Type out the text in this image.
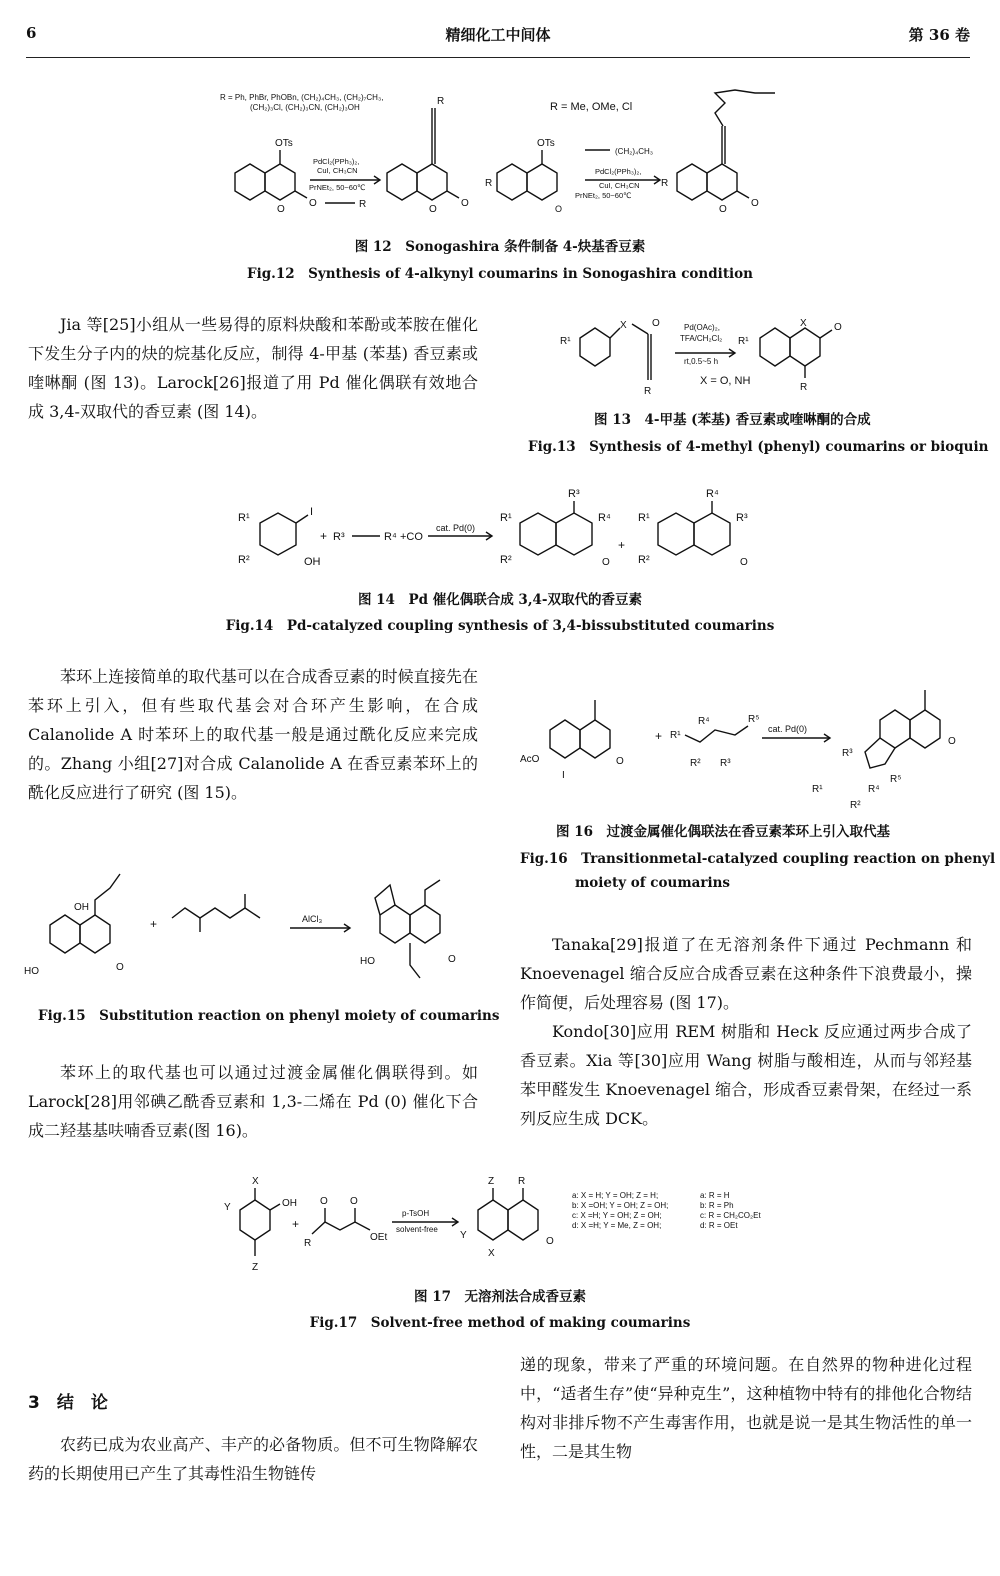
6	精细化工中间体	第 36 卷
R = Ph, PhBr, PhOBn, (CH₂)₄CH₃, (CH₂)₇CH₃,
(CH₂)₃Cl, (CH₂)₃CN, (CH₂)₃OH
OTs
O
O
PdCl₂(PPh₃)₂,
CuI, CH₃CN
PrNEt₂, 50~60℃
R
R
O
O
R = Me, OMe, Cl
OTs
R
O
(CH₂)₄CH₃
PdCl₂(PPh₃)₂,
CuI, CH₃CN
PrNEt₂, 50~60℃
R
O
O
图 12　Sonogashira 条件制备 4-炔基香豆素
Fig.12　Synthesis of 4-alkynyl coumarins in Sonogashira condition

Jia 等[25]小组从一些易得的原料炔酸和苯酚或苯胺在催化下发生分子内的炔的烷基化反应，制得 4-甲基 (苯基) 香豆素或喹啉酮 (图 13)。Larock[26]报道了用 Pd 催化偶联有效地合成 3,4-双取代的香豆素 (图 14)。

R¹
X	O
R
Pd(OAc)₂,
TFA/CH₂Cl₂
rt,0.5~5 h
X = O, NH
R¹
X	O
R
图 13　4-甲基 (苯基) 香豆素或喹啉酮的合成
Fig.13　Synthesis of 4-methyl (phenyl) coumarins or bioquin
R¹
R²
I
OH
+ R³	R⁴ +CO
cat. Pd(0)
R¹
R²
R³
R⁴
O
+
R¹
R²
R⁴
R³
O
图 14　Pd 催化偶联合成 3,4-双取代的香豆素
Fig.14　Pd-catalyzed coupling synthesis of 3,4-bissubstituted coumarins

苯环上连接简单的取代基可以在合成香豆素的时候直接先在苯环上引入，但有些取代基会对合环产生影响，在合成 Calanolide A 时苯环上的取代基一般是通过酰化反应来完成的。Zhang 小组[27]对合成 Calanolide A 在香豆素苯环上的酰化反应进行了研究 (图 15)。

AcO
I
O
+ R¹
R⁴	R⁵
R² R³
cat. Pd(0)
O
R³
R¹
R²
R⁴
R⁵
图 16　过渡金属催化偶联法在香豆素苯环上引入取代基
Fig.16　Transitionmetal-catalyzed coupling reaction on phenyl
moiety of coumarins
OH
HO	O
+	AlCl₃
HO	O
Fig.15　Substitution reaction on phenyl moiety of coumarins

Tanaka[29]报道了在无溶剂条件下通过 Pechmann 和 Knoevenagel 缩合反应合成香豆素在这种条件下浪费最小，操作简便，后处理容易 (图 17)。

Kondo[30]应用 REM 树脂和 Heck 反应通过两步合成了香豆素。Xia 等[30]应用 Wang 树脂与酸相连，从而与邻羟基苯甲醛发生 Knoevenagel 缩合，形成香豆素骨架，在经过一系列反应生成 DCK。

苯环上的取代基也可以通过过渡金属催化偶联得到。如 Larock[28]用邻碘乙酰香豆素和 1,3-二烯在 Pd (0) 催化下合成二羟基基呋喃香豆素(图 16)。

X
Y
Z
OH
+
R
O O
OEt
p-TsOH
solvent-free
Z R
Y
X
O
a: X = H; Y = OH; Z = H;
b: X =OH; Y = OH; Z = OH;
c: X =H; Y = OH; Z = OH;
d: X =H; Y = Me, Z = OH;
a: R = H
b: R = Ph
c: R = CH₂CO₂Et
d: R = OEt
图 17　无溶剂法合成香豆素
Fig.17　Solvent-free method of making coumarins
3　结　论

农药已成为农业高产、丰产的必备物质。但不可生物降解农药的长期使用已产生了其毒性沿生物链传

递的现象，带来了严重的环境问题。在自然界的物种进化过程中，“适者生存”使“异种克生”，这种植物中特有的排他化合物结构对非排斥物不产生毒害作用，也就是说一是其生物活性的单一性，二是其生物
